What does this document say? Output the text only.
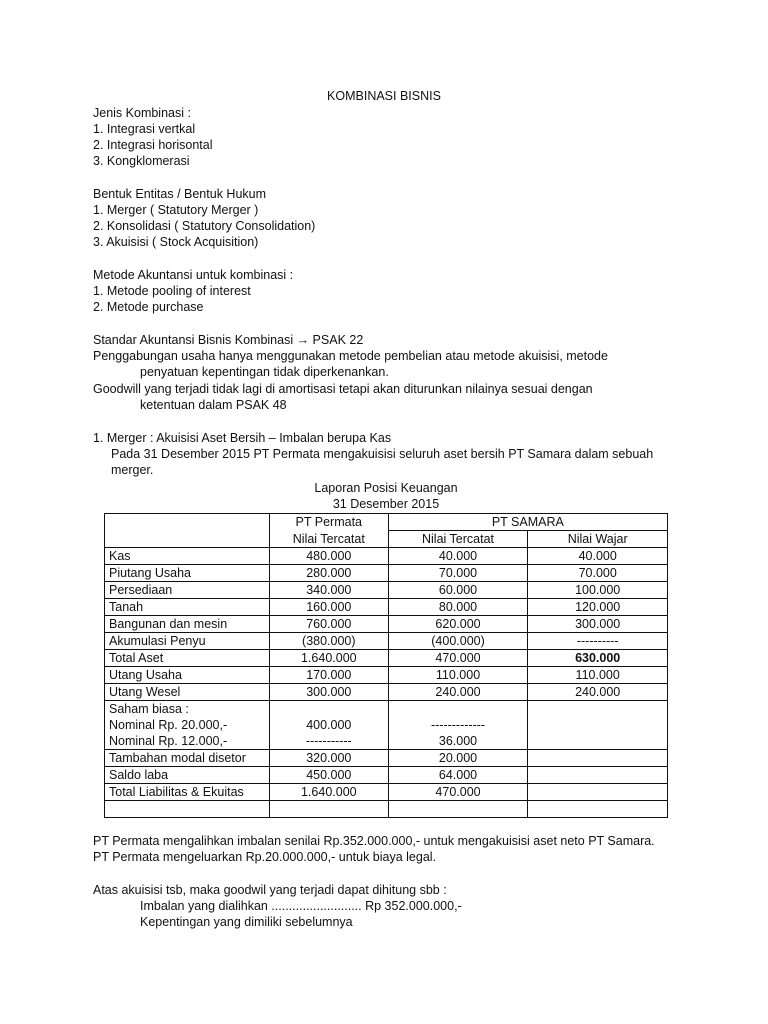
KOMBINASI BISNIS
Jenis Kombinasi :
1. Integrasi vertkal
2. Integrasi horisontal
3. Kongklomerasi
Bentuk Entitas / Bentuk Hukum
1. Merger ( Statutory Merger )
2. Konsolidasi ( Statutory Consolidation)
3. Akuisisi ( Stock Acquisition)
Metode Akuntansi untuk kombinasi :
1. Metode pooling of interest
2. Metode purchase
Standar Akuntansi Bisnis Kombinasi → PSAK 22
Penggabungan usaha hanya menggunakan metode pembelian atau metode akuisisi, metode
penyatuan kepentingan tidak diperkenankan.
Goodwill yang terjadi tidak lagi di amortisasi tetapi akan diturunkan nilainya sesuai dengan
ketentuan dalam PSAK 48
1. Merger : Akuisisi Aset Bersih – Imbalan berupa Kas
Pada 31 Desember 2015 PT Permata mengakuisisi seluruh aset bersih PT Samara dalam sebuah
merger.
Laporan Posisi Keuangan
31 Desember 2015
	PT Permata	PT SAMARA	
	Nilai Tercatat	Nilai Tercatat	Nilai Wajar
Kas	480.000	40.000	40.000
Piutang Usaha	280.000	70.000	70.000
Persediaan	340.000	60.000	100.000
Tanah	160.000	80.000	120.000
Bangunan dan mesin	760.000	620.000	300.000
Akumulasi Penyu	(380.000)	(400.000)	----------
Total Aset	1.640.000	470.000	630.000
Utang Usaha	170.000	110.000	110.000
Utang Wesel	300.000	240.000	240.000
Saham biasa :			
Nominal Rp. 20.000,-	400.000	-------------	
Nominal Rp. 12.000,-	-----------	36.000	
Tambahan modal disetor	320.000	20.000	
Saldo laba	450.000	64.000	
Total Liabilitas & Ekuitas	1.640.000	470.000	

PT Permata mengalihkan imbalan senilai Rp.352.000.000,- untuk mengakuisisi aset neto PT Samara.
PT Permata mengeluarkan Rp.20.000.000,- untuk biaya legal.
Atas akuisisi tsb, maka goodwil yang terjadi dapat dihitung sbb :
Imbalan yang dialihkan .......................... Rp 352.000.000,-
Kepentingan yang dimiliki sebelumnya
